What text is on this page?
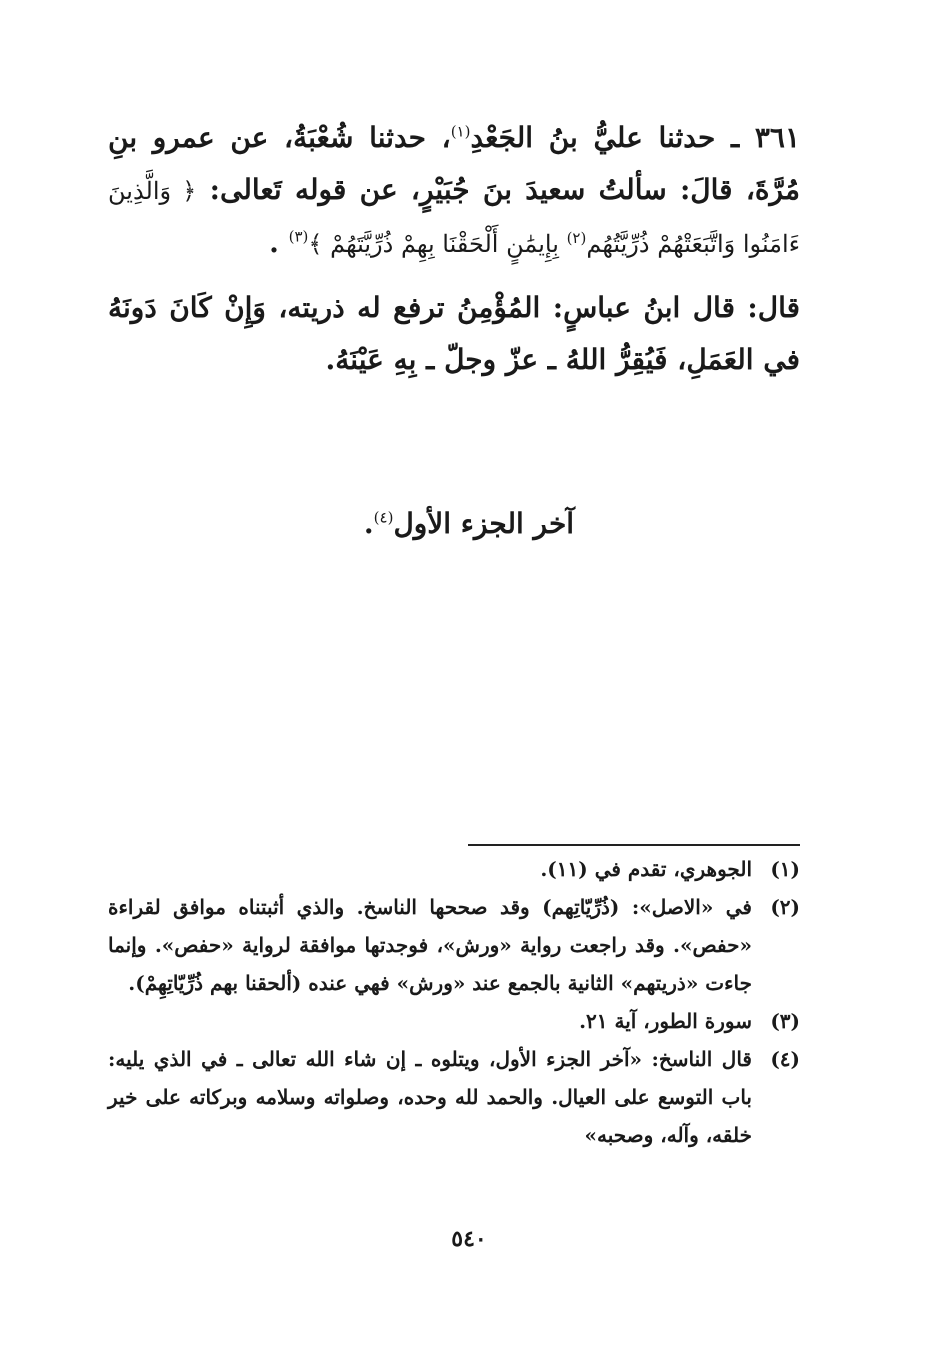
٣٦١ ـ حدثنا عليُّ بنُ الجَعْدِ$^{(١)}$، حدثنا شُعْبَةُ، عن عمرو بنِ مُرَّةَ، قالَ: سألتُ سعيدَ بنَ جُبَيْرٍ، عن قوله تَعالى: ﴿ وَالَّذِينَ ءَامَنُوا وَاتَّبَعَتْهُمْ ذُرِّيَّتُهُم$^{(٢)}$ بِإِيمَٰنٍ أَلْحَقْنَا بِهِمْ ذُرِّيَّتَهُمْ ﴾$^{(٣)}$ .

قال: قال ابنُ عباسٍ: المُؤْمِنُ ترفع له ذريته، وَإِنْ كَانَ دَونَهُ في العَمَلِ، فَيُقِرُّ اللهُ ـ عزّ وجلّ ـ بِهِ عَيْنَهُ.

آخر الجزء الأول$^{(٤)}$.
(١)
الجوهري، تقدم في (١١).
(٢)
في «الاصل»: (ذُرِّيّاتِهم) وقد صححها الناسخ. والذي أثبتناه موافق لقراءة «حفص». وقد راجعت رواية «ورش»، فوجدتها موافقة لرواية «حفص». وإنما جاءت «ذريتهم» الثانية بالجمع عند «ورش» فهي عنده (ألحقنا بهم ذُرِّيّاتِهِمْ).
(٣)
سورة الطور، آية ٢١.
(٤)
قال الناسخ: «آخر الجزء الأول، ويتلوه ـ إن شاء الله تعالى ـ في الذي يليه: باب التوسع على العيال. والحمد لله وحده، وصلواته وسلامه وبركاته على خير خلقه، وآله، وصحبه»
٥٤٠
